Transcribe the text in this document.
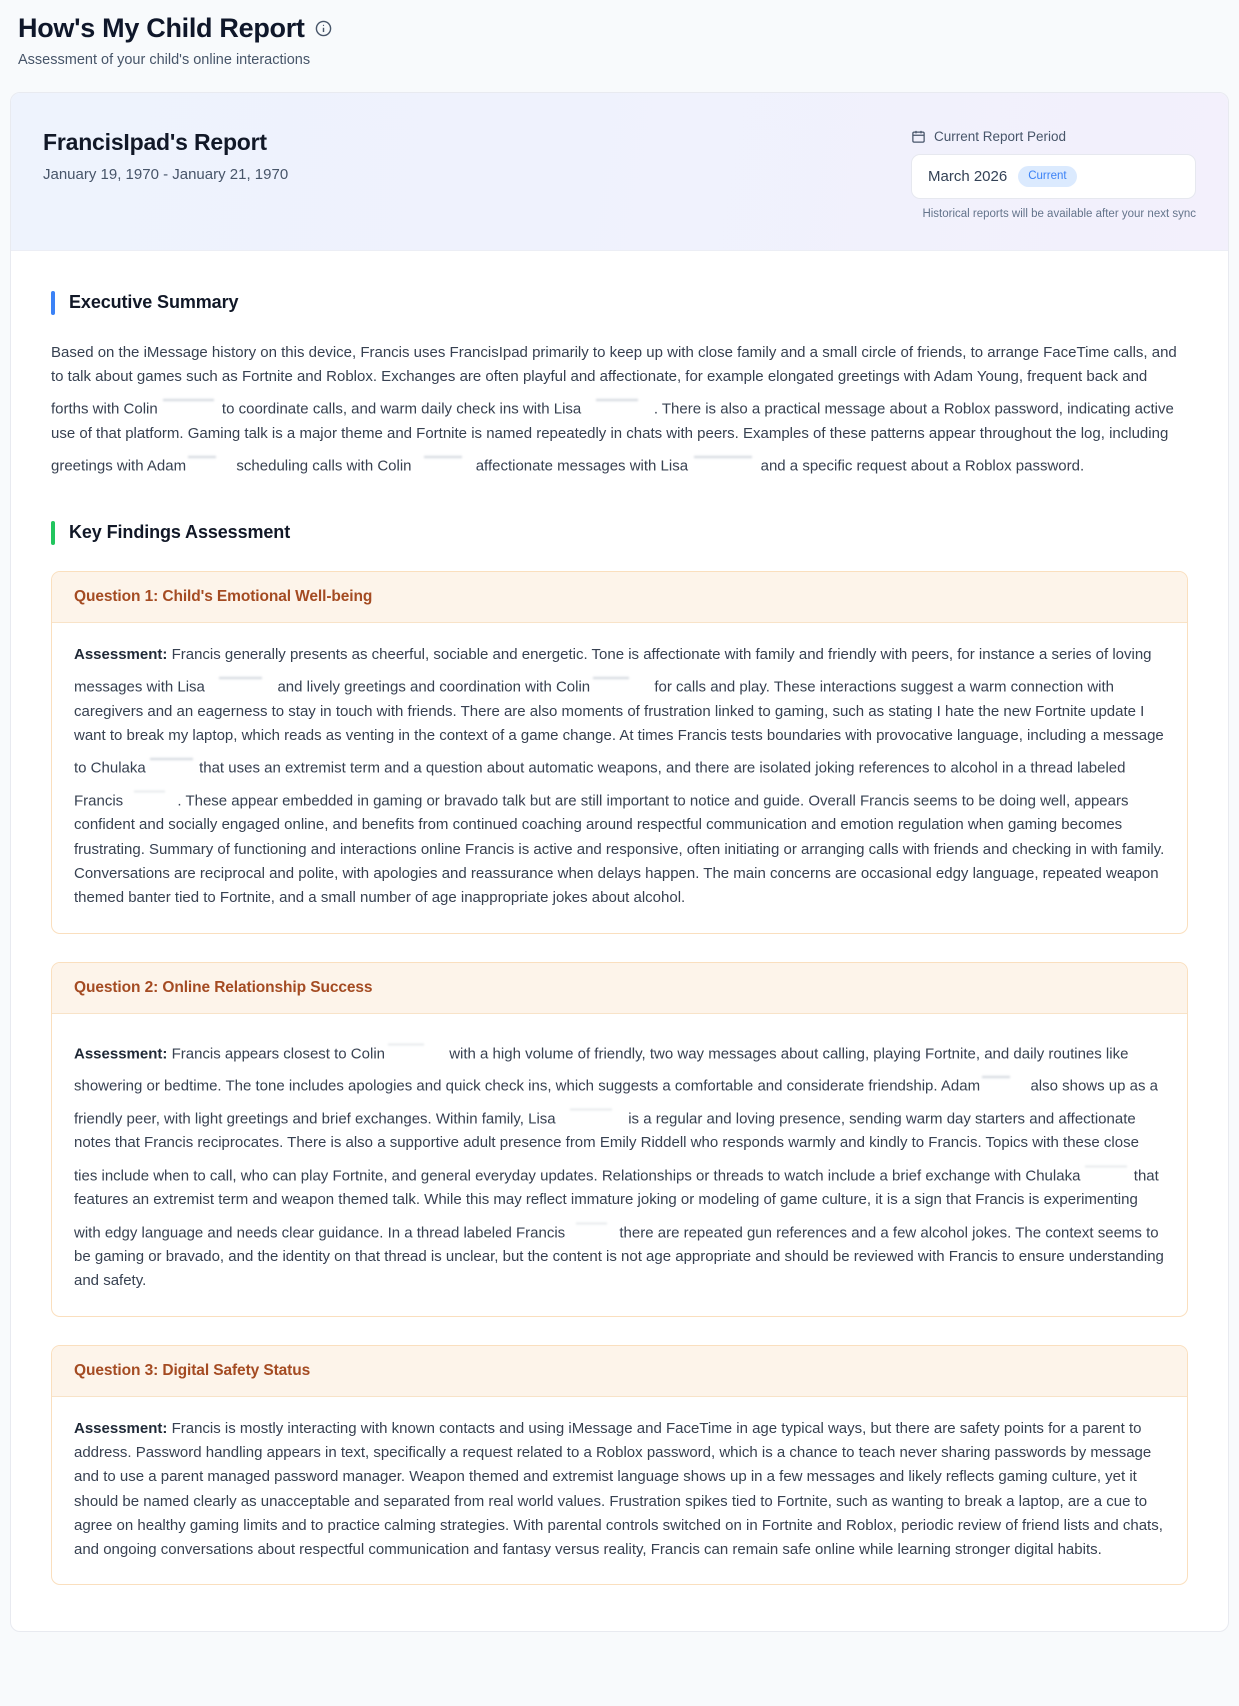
How's My Child Report
Assessment of your child's online interactions
FrancisIpad's Report
January 19, 1970 - January 21, 1970
Current Report Period
March 2026	Current
Historical reports will be available after your next sync
Executive Summary

Based on the iMessage history on this device, Francis uses FrancisIpad primarily to keep up with close family and a small circle of friends, to arrange FaceTime calls, and to talk about games such as Fortnite and Roblox. Exchanges are often playful and affectionate, for example elongated greetings with Adam Young, frequent back and forths with Colin	to coordinate calls, and warm daily check ins with Lisa	. There is also a practical message about a Roblox password, indicating active use of that platform. Gaming talk is a major theme and Fortnite is named repeatedly in chats with peers. Examples of these patterns appear throughout the log, including greetings with Adam	scheduling calls with Colin	affectionate messages with Lisa	and a specific request about a Roblox password.

Key Findings Assessment
Question 1: Child's Emotional Well-being
Assessment: Francis generally presents as cheerful, sociable and energetic. Tone is affectionate with family and friendly with peers, for instance a series of loving messages with Lisa	and lively greetings and coordination with Colin	for calls and play. These interactions suggest a warm connection with caregivers and an eagerness to stay in touch with friends. There are also moments of frustration linked to gaming, such as stating I hate the new Fortnite update I want to break my laptop, which reads as venting in the context of a game change. At times Francis tests boundaries with provocative language, including a message to Chulaka	that uses an extremist term and a question about automatic weapons, and there are isolated joking references to alcohol in a thread labeled Francis	. These appear embedded in gaming or bravado talk but are still important to notice and guide. Overall Francis seems to be doing well, appears confident and socially engaged online, and benefits from continued coaching around respectful communication and emotion regulation when gaming becomes frustrating. Summary of functioning and interactions online Francis is active and responsive, often initiating or arranging calls with friends and checking in with family. Conversations are reciprocal and polite, with apologies and reassurance when delays happen. The main concerns are occasional edgy language, repeated weapon themed banter tied to Fortnite, and a small number of age inappropriate jokes about alcohol.
Question 2: Online Relationship Success
Assessment: Francis appears closest to Colin	with a high volume of friendly, two way messages about calling, playing Fortnite, and daily routines like showering or bedtime. The tone includes apologies and quick check ins, which suggests a comfortable and considerate friendship. Adam	also shows up as a friendly peer, with light greetings and brief exchanges. Within family, Lisa	is a regular and loving presence, sending warm day starters and affectionate notes that Francis reciprocates. There is also a supportive adult presence from Emily Riddell who responds warmly and kindly to Francis. Topics with these close ties include when to call, who can play Fortnite, and general everyday updates. Relationships or threads to watch include a brief exchange with Chulaka	that features an extremist term and weapon themed talk. While this may reflect immature joking or modeling of game culture, it is a sign that Francis is experimenting with edgy language and needs clear guidance. In a thread labeled Francis	there are repeated gun references and a few alcohol jokes. The context seems to be gaming or bravado, and the identity on that thread is unclear, but the content is not age appropriate and should be reviewed with Francis to ensure understanding and safety.
Question 3: Digital Safety Status
Assessment: Francis is mostly interacting with known contacts and using iMessage and FaceTime in age typical ways, but there are safety points for a parent to address. Password handling appears in text, specifically a request related to a Roblox password, which is a chance to teach never sharing passwords by message and to use a parent managed password manager. Weapon themed and extremist language shows up in a few messages and likely reflects gaming culture, yet it should be named clearly as unacceptable and separated from real world values. Frustration spikes tied to Fortnite, such as wanting to break a laptop, are a cue to agree on healthy gaming limits and to practice calming strategies. With parental controls switched on in Fortnite and Roblox, periodic review of friend lists and chats, and ongoing conversations about respectful communication and fantasy versus reality, Francis can remain safe online while learning stronger digital habits.
